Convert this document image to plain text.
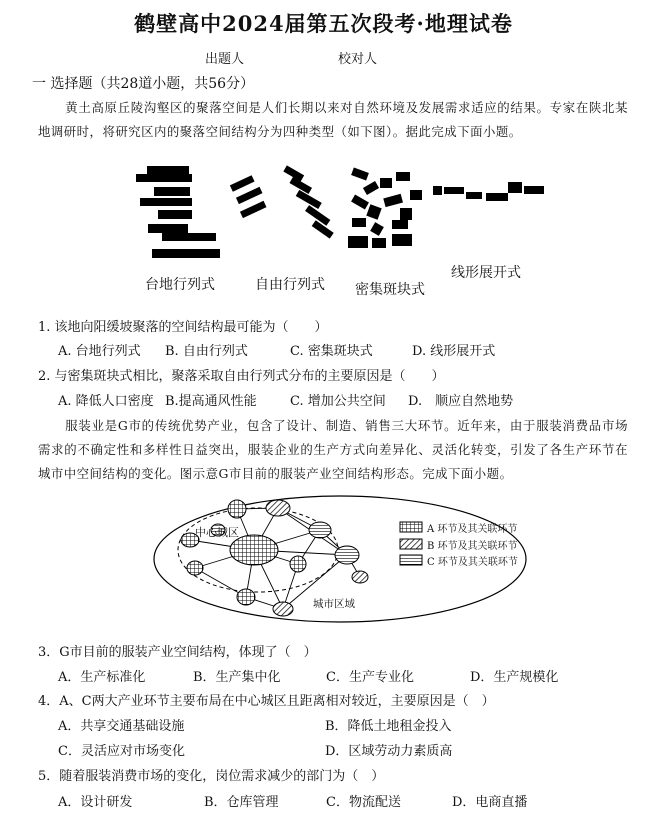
鹤壁高中2024届第五次段考·地理试卷
出题人	校对人
一 选择题（共28道小题，共56分）
黄土高原丘陵沟壑区的聚落空间是人们长期以来对自然环境及发展需求适应的结果。专家在陕北某地调研时，将研究区内的聚落空间结构分为四种类型（如下图）。据此完成下面小题。
台地行列式	自由行列式 密集斑块式
线形展开式
1. 该地向阳缓坡聚落的空间结构最可能为（　　）
A. 台地行列式 B. 自由行列式	C. 密集斑块式	D. 线形展开式
2. 与密集斑块式相比，聚落采取自由行列式分布的主要原因是（　　）
A. 降低人口密度 B.提高通风性能	C. 增加公共空间 D.　顺应自然地势
服装业是G市的传统优势产业，包含了设计、制造、销售三大环节。近年来，由于服装消费品市场需求的不确定性和多样性日益突出，服装企业的生产方式向差异化、灵活化转变，引发了各生产环节在城市中空间结构的变化。图示意G市目前的服装产业空间结构形态。完成下面小题。
中心城区
城市区域
A 环节及其关联环节
B 环节及其关联环节
C 环节及其关联环节
3．G市目前的服装产业空间结构，体现了（　）
A．生产标准化	B．生产集中化	C．生产专业化	D．生产规模化
4．A、C两大产业环节主要布局在中心城区且距离相对较近，主要原因是（　）
A．共享交通基础设施	B．降低土地租金投入
C．灵活应对市场变化	D．区域劳动力素质高
5．随着服装消费市场的变化，岗位需求减少的部门为（　）
A．设计研发	B．仓库管理	C．物流配送	D．电商直播
